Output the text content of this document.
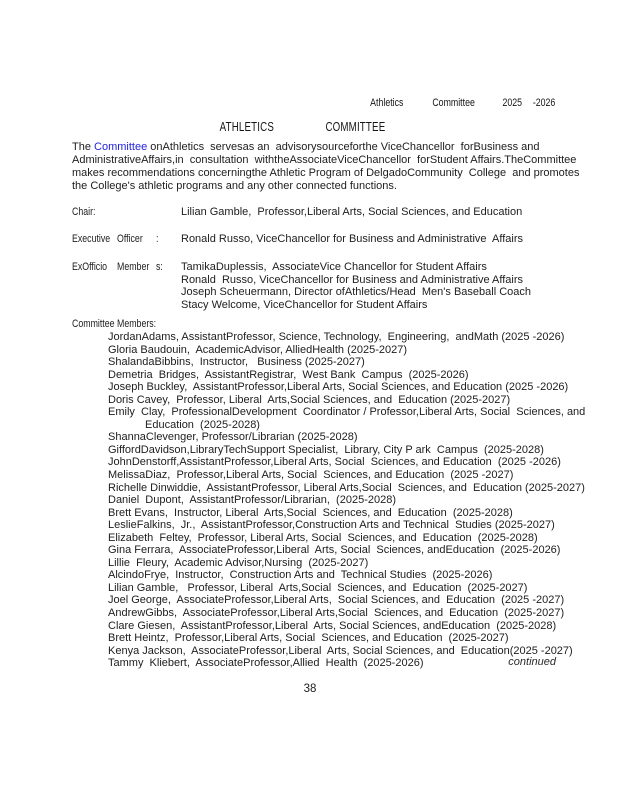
Athletics	Committee	2025 -2026
ATHLETICS	COMMITTEE
The Committee onAthletics  servesas an  advisorysourceforthe ViceChancellor  forBusiness and AdministrativeAffairs,in  consultation  withtheAssociateViceChancellor  forStudent Affairs.TheCommittee makes recommendations concerningthe Athletic Program of DelgadoCommunity  College  and promotes the College's athletic programs and any other connected functions.
Chair:	Lilian Gamble,  Professor,Liberal Arts, Social Sciences, and Education
Executive Officer : Ronald Russo, ViceChancellor for Business and Administrative  Affairs
ExOfficio Member s: TamikaDuplessis,  AssociateVice Chancellor for Student Affairs
Ronald  Russo, ViceChancellor for Business and Administrative Affairs
Joseph Scheuermann, Director ofAthletics/Head  Men's Baseball Coach
Stacy Welcome, ViceChancellor for Student Affairs
Committee Members:
JordanAdams, AssistantProfessor, Science, Technology,  Engineering,  andMath (2025 -2026)
Gloria Baudouin,  AcademicAdvisor, AlliedHealth (2025-2027)
ShalandaBibbins,  Instructor,   Business (2025-2027)
Demetria  Bridges,  AssistantRegistrar,  West Bank  Campus  (2025-2026)
Joseph Buckley,  AssistantProfessor,Liberal Arts, Social Sciences, and Education (2025 -2026)
Doris Cavey,  Professor, Liberal  Arts,Social Sciences, and  Education (2025-2027)
Emily  Clay,  ProfessionalDevelopment  Coordinator / Professor,Liberal Arts, Social  Sciences, and
Education  (2025-2028)
ShannaClevenger, Professor/Librarian (2025-2028)
GiffordDavidson,LibraryTechSupport Specialist,  Library, City P ark  Campus  (2025-2028)
JohnDenstorff,AssistantProfessor,Liberal Arts, Social  Sciences, and Education  (2025 -2026)
MelissaDiaz,  Professor,Liberal Arts, Social  Sciences, and Education  (2025 -2027)
Richelle Dinwiddie,  AssistantProfessor, Liberal Arts,Social  Sciences, and  Education (2025-2027)
Daniel  Dupont,  AssistantProfessor/Librarian,  (2025-2028)
Brett Evans,  Instructor, Liberal  Arts,Social  Sciences, and  Education  (2025-2028)
LeslieFalkins,  Jr.,  AssistantProfessor,Construction Arts and Technical  Studies (2025-2027)
Elizabeth  Feltey,  Professor, Liberal Arts, Social  Sciences, and  Education  (2025-2028)
Gina Ferrara,  AssociateProfessor,Liberal  Arts, Social  Sciences, andEducation  (2025-2026)
Lillie  Fleury,  Academic Advisor,Nursing  (2025-2027)
AlcindoFrye,  Instructor,  Construction Arts and  Technical Studies  (2025-2026)
Lilian Gamble,   Professor, Liberal  Arts,Social  Sciences, and  Education  (2025-2027)
Joel George,  AssociateProfessor,Liberal Arts,  Social Sciences, and  Education  (2025 -2027)
AndrewGibbs,  AssociateProfessor,Liberal Arts,Social  Sciences, and  Education  (2025-2027)
Clare Giesen,  AssistantProfessor,Liberal  Arts, Social Sciences, andEducation  (2025-2028)
Brett Heintz,  Professor,Liberal Arts, Social  Sciences, and Education  (2025-2027)
Kenya Jackson,  AssociateProfessor,Liberal  Arts, Social Sciences, and  Education(2025 -2027)
Tammy  Kliebert,  AssociateProfessor,Allied  Health  (2025-2026)	continued
38
